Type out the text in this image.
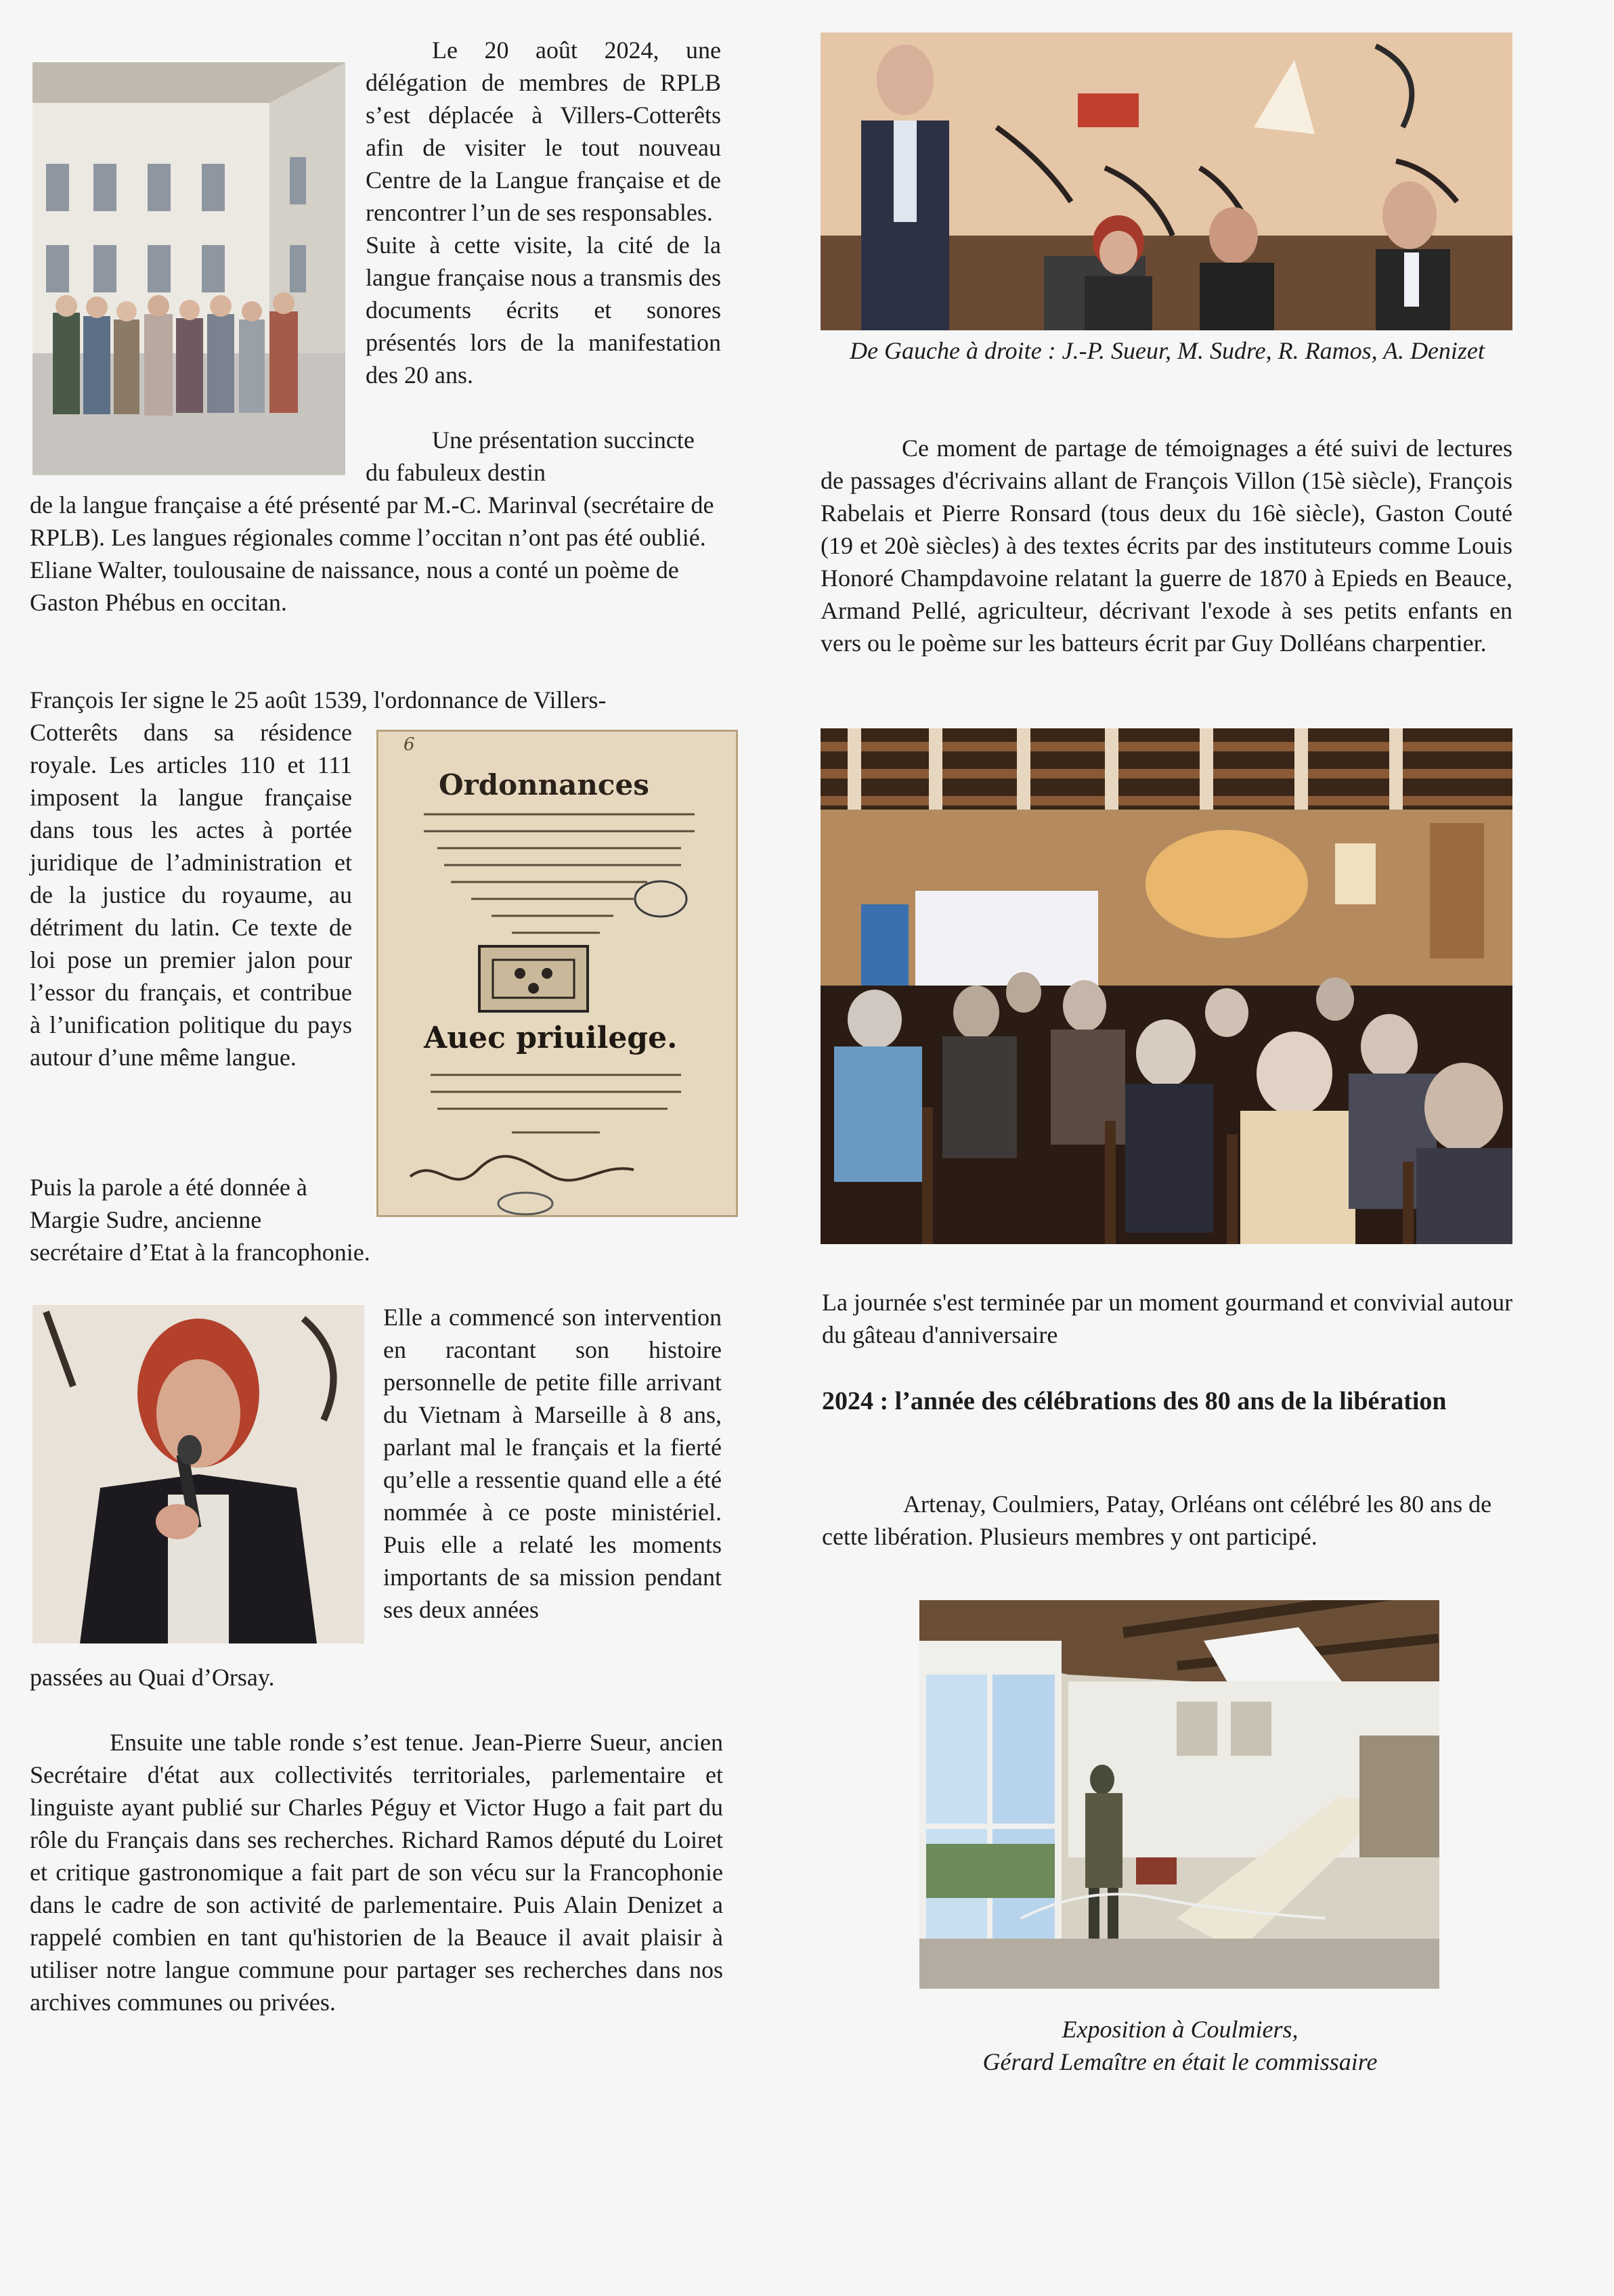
Le 20 août 2024, une délégation de membres de RPLB s’est déplacée à Villers-Cotterêts afin de visiter le tout nouveau Centre de la Langue française et de rencontrer l’un de ses responsables.

Suite à cette visite, la cité de la langue française nous a transmis des documents écrits et sonores présentés lors de la manifestation des 20 ans.

Une présentation succincte du fabuleux destin

de la langue française a été présenté par M.-C. Marinval (secrétaire de RPLB). Les langues régionales comme l’occitan n’ont pas été oublié. Eliane Walter, toulousaine de naissance, nous a conté un poème de Gaston Phébus en occitan.

François Ier signe le 25 août 1539, l'ordonnance de Villers-

Cotterêts dans sa résidence royale. Les articles 110 et 111 imposent la langue française dans tous les actes à portée juridique de l’administration et de la justice du royaume, au détriment du latin. Ce texte de loi pose un premier jalon pour l’essor du français, et contribue à l’unification politique du pays autour d’une même langue.

6
Ordonnances
Auec priuilege.

Puis la parole a été donnée à Margie Sudre, ancienne

secrétaire d’Etat à la francophonie.

Elle a commencé son intervention en racontant son histoire personnelle de petite fille arrivant du Vietnam à Marseille à 8 ans, parlant mal le français et la fierté qu’elle a ressentie quand elle a été nommée à ce poste ministériel. Puis elle a relaté les moments importants de sa mission pendant ses deux années

passées au Quai d’Orsay.

Ensuite une table ronde s’est tenue. Jean-Pierre Sueur, ancien Secrétaire d'état aux collectivités territoriales, parlementaire et linguiste ayant publié sur Charles Péguy et Victor Hugo a fait part du rôle du Français dans ses recherches. Richard Ramos député du Loiret et critique gastronomique a fait part de son vécu sur la Francophonie dans le cadre de son activité de parlementaire. Puis Alain Denizet a rappelé combien en tant qu'historien de la Beauce il avait plaisir à utiliser notre langue commune pour partager ses recherches dans nos archives communes ou privées.

De Gauche à droite : J.-P. Sueur, M. Sudre, R. Ramos, A. Denizet

Ce moment de partage de témoignages a été suivi de lectures de passages d'écrivains allant de François Villon (15è siècle), François Rabelais et Pierre Ronsard (tous deux du 16è siècle), Gaston Couté (19 et 20è siècles) à des textes écrits par des instituteurs comme Louis Honoré Champdavoine relatant la guerre de 1870 à Epieds en Beauce, Armand Pellé, agriculteur, décrivant l'exode à ses petits enfants en vers ou le poème sur les batteurs écrit par Guy Dolléans charpentier.

La journée s'est terminée par un moment gourmand et convivial autour du gâteau d'anniversaire

2024 : l’année des célébrations des 80 ans de la libération

Artenay, Coulmiers, Patay, Orléans ont célébré les 80 ans de cette libération. Plusieurs membres y ont participé.

Exposition à Coulmiers,

Gérard Lemaître en était le commissaire
